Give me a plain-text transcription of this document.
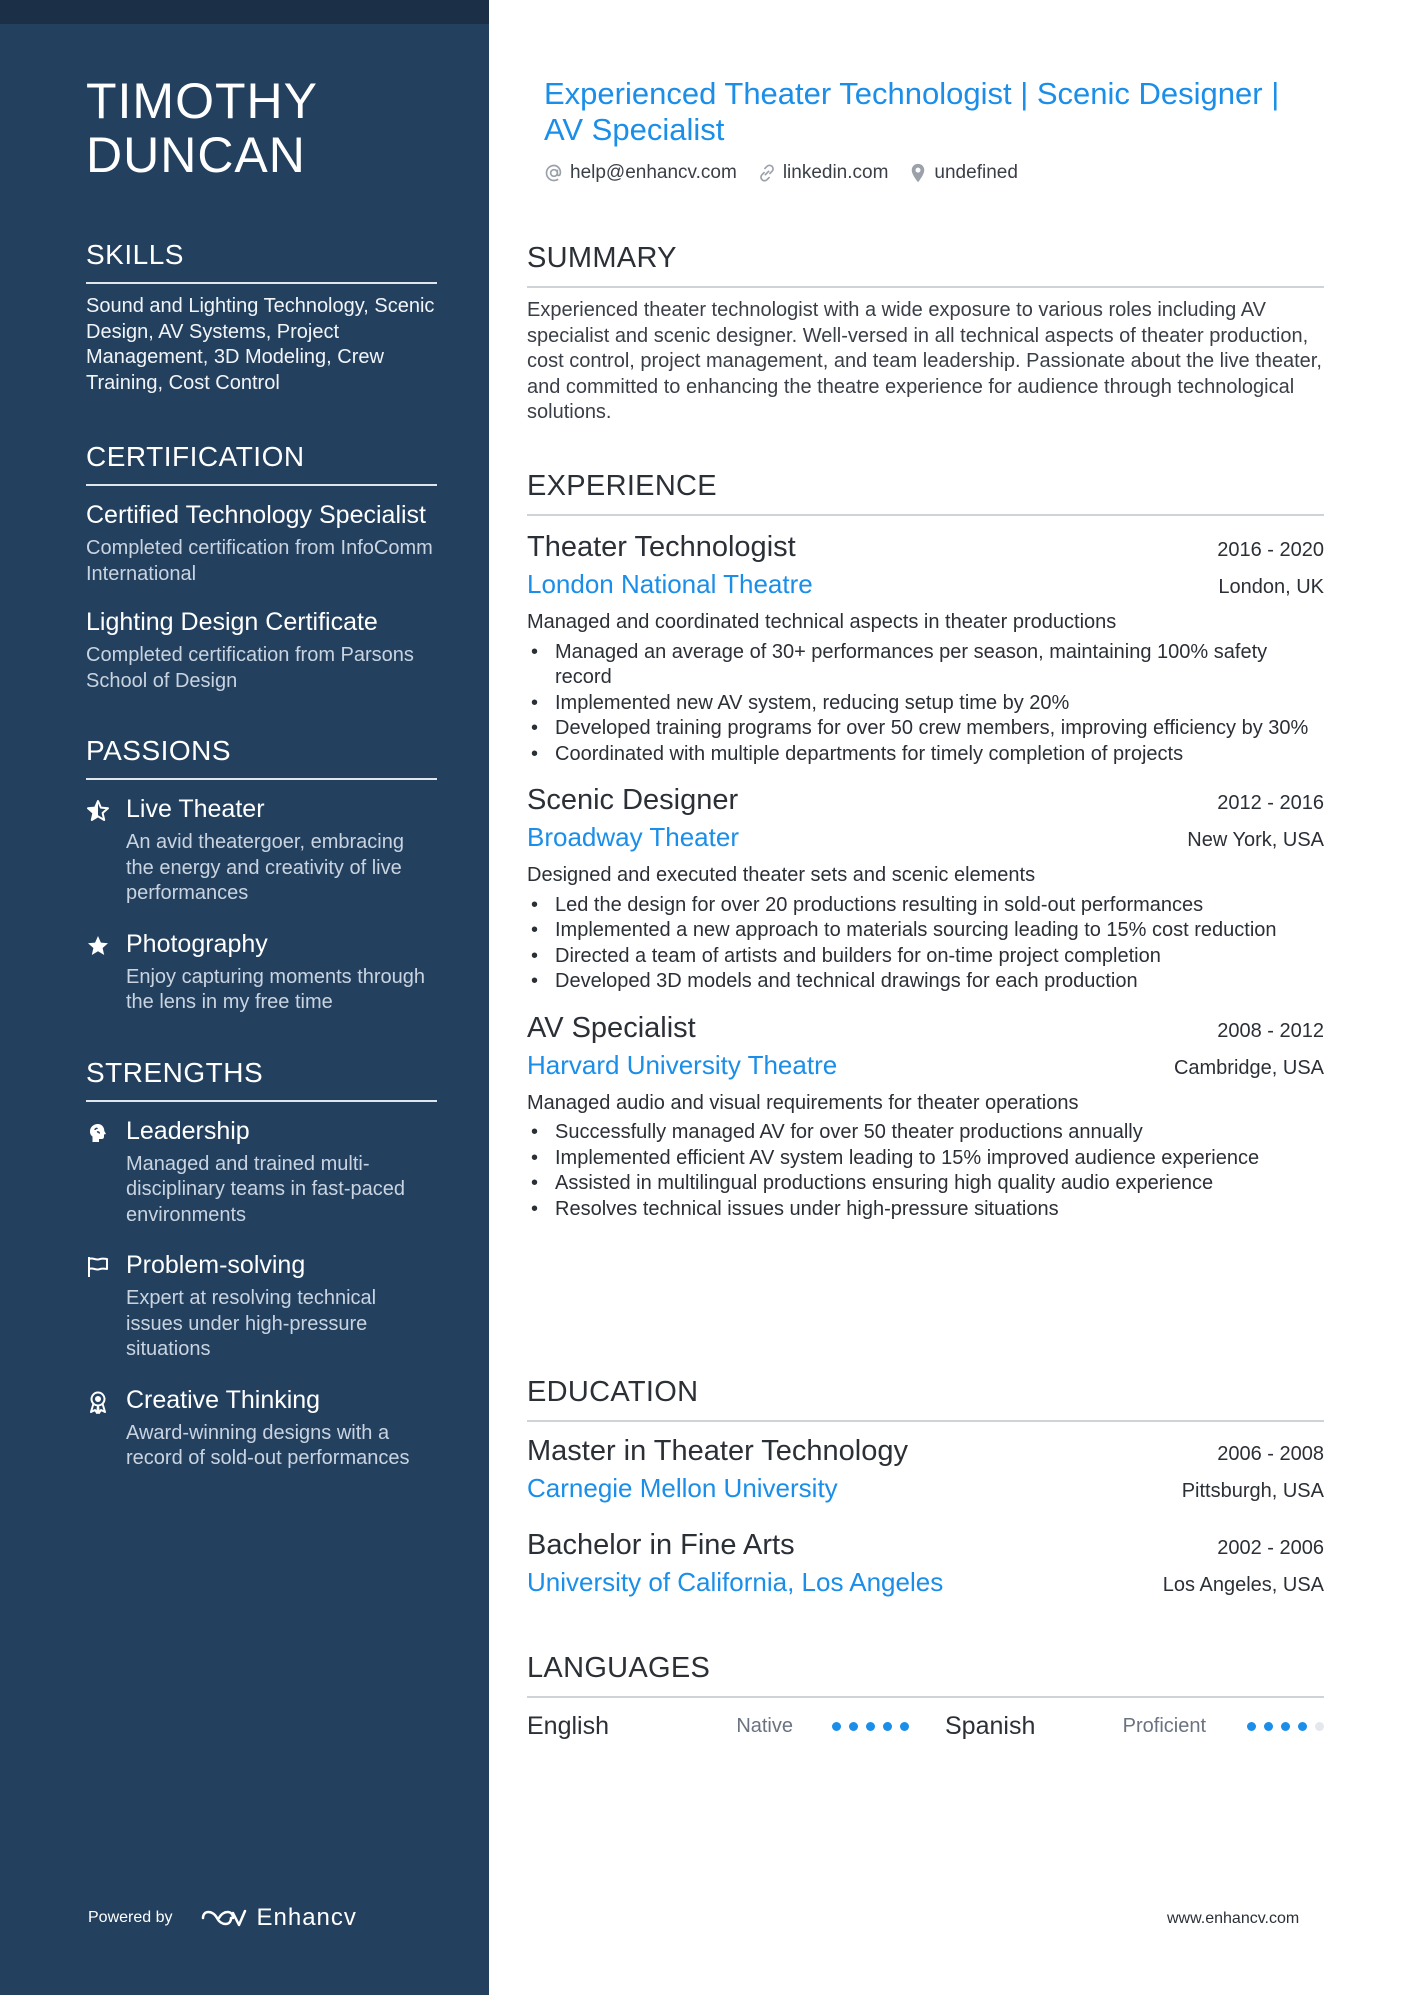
TIMOTHY DUNCAN
SKILLS
Sound and Lighting Technology, Scenic Design, AV Systems, Project Management, 3D Modeling, Crew Training, Cost Control
CERTIFICATION
Certified Technology Specialist
Completed certification from InfoComm International
Lighting Design Certificate
Completed certification from Parsons School of Design
PASSIONS
Live Theater
An avid theatergoer, embracing the energy and creativity of live performances
Photography
Enjoy capturing moments through the lens in my free time
STRENGTHS
Leadership
Managed and trained multi-disciplinary teams in fast-paced environments
Problem-solving
Expert at resolving technical issues under high-pressure situations
Creative Thinking
Award-winning designs with a record of sold-out performances
Powered by	Enhancv
Experienced Theater Technologist | Scenic Designer | AV Specialist
help@enhancv.com linkedin.com undefined
SUMMARY
Experienced theater technologist with a wide exposure to various roles including AV specialist and scenic designer. Well-versed in all technical aspects of theater production, cost control, project management, and team leadership. Passionate about the live theater, and committed to enhancing the theatre experience for audience through technological solutions.
EXPERIENCE
Theater Technologist	2016 - 2020
London National Theatre	London, UK
Managed and coordinated technical aspects in theater productions
• Managed an average of 30+ performances per season, maintaining 100% safety record
• Implemented new AV system, reducing setup time by 20%
• Developed training programs for over 50 crew members, improving efficiency by 30%
• Coordinated with multiple departments for timely completion of projects
Scenic Designer	2012 - 2016
Broadway Theater	New York, USA
Designed and executed theater sets and scenic elements
• Led the design for over 20 productions resulting in sold-out performances
• Implemented a new approach to materials sourcing leading to 15% cost reduction
• Directed a team of artists and builders for on-time project completion
• Developed 3D models and technical drawings for each production
AV Specialist	2008 - 2012
Harvard University Theatre	Cambridge, USA
Managed audio and visual requirements for theater operations
• Successfully managed AV for over 50 theater productions annually
• Implemented efficient AV system leading to 15% improved audience experience
• Assisted in multilingual productions ensuring high quality audio experience
• Resolves technical issues under high-pressure situations
EDUCATION
Master in Theater Technology	2006 - 2008
Carnegie Mellon University	Pittsburgh, USA
Bachelor in Fine Arts	2002 - 2006
University of California, Los Angeles	Los Angeles, USA
LANGUAGES
English	Native	Spanish	Proficient
www.enhancv.com
